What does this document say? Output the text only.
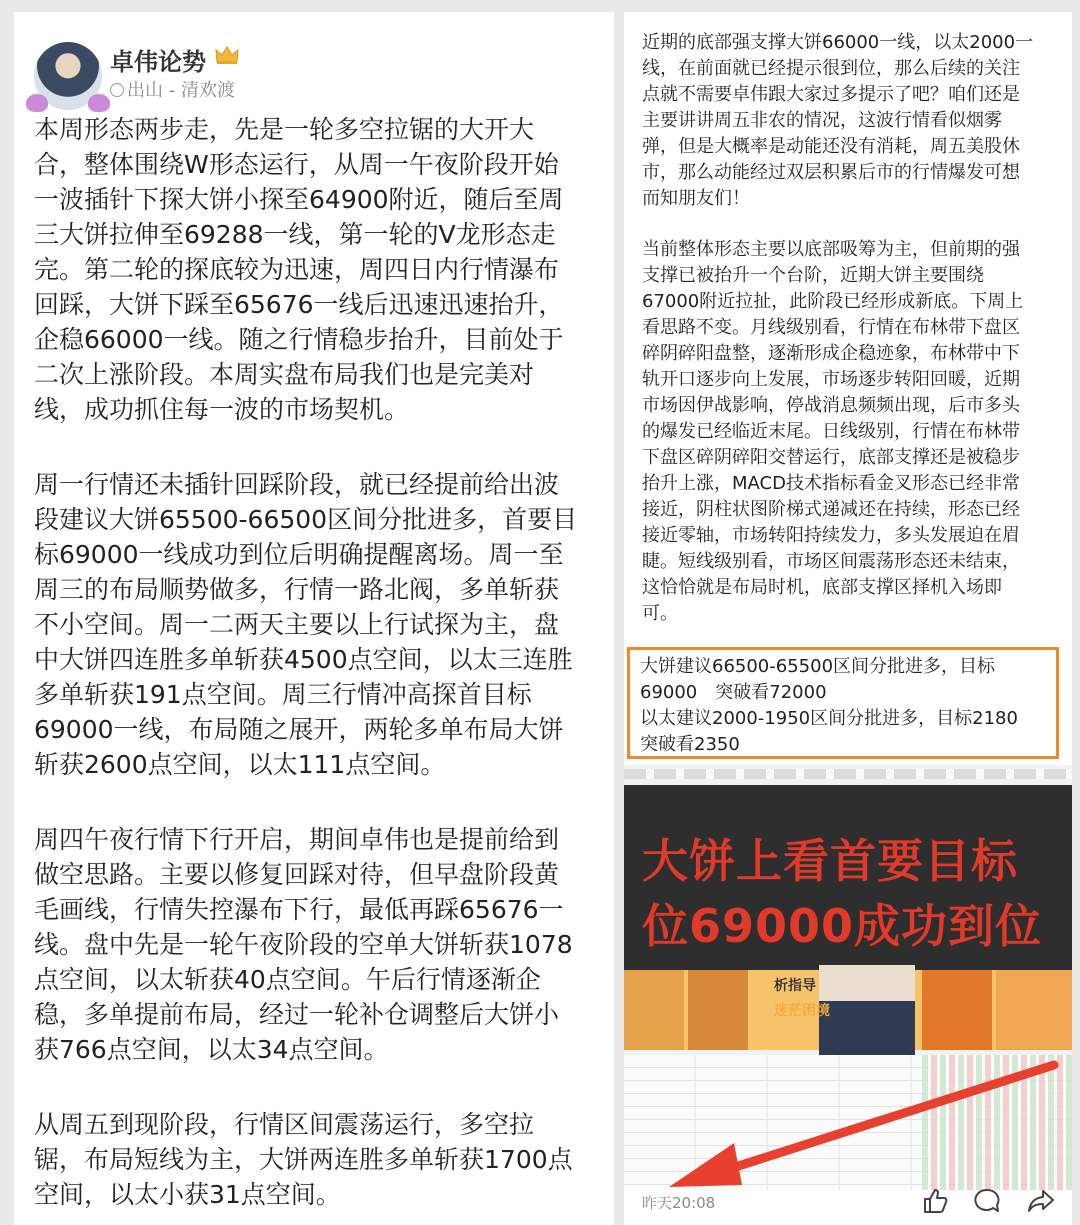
卓伟论势
出山 - 清欢渡
本周形态两步走，先是一轮多空拉锯的大开大
合，整体围绕W形态运行，从周一午夜阶段开始
一波插针下探大饼小探至64900附近，随后至周
三大饼拉伸至69288一线，第一轮的V龙形态走
完。第二轮的探底较为迅速，周四日内行情瀑布
回踩，大饼下踩至65676一线后迅速迅速抬升，
企稳66000一线。随之行情稳步抬升，目前处于
二次上涨阶段。本周实盘布局我们也是完美对
线，成功抓住每一波的市场契机。
周一行情还未插针回踩阶段，就已经提前给出波
段建议大饼65500-66500区间分批进多，首要目
标69000一线成功到位后明确提醒离场。周一至
周三的布局顺势做多，行情一路北阀，多单斩获
不小空间。周一二两天主要以上行试探为主，盘
中大饼四连胜多单斩获4500点空间，以太三连胜
多单斩获191点空间。周三行情冲高探首目标
69000一线，布局随之展开，两轮多单布局大饼
斩获2600点空间，以太111点空间。
周四午夜行情下行开启，期间卓伟也是提前给到
做空思路。主要以修复回踩对待，但早盘阶段黄
毛画线，行情失控瀑布下行，最低再踩65676一
线。盘中先是一轮午夜阶段的空单大饼斩获1078
点空间，以太斩获40点空间。午后行情逐渐企
稳，多单提前布局，经过一轮补仓调整后大饼小
获766点空间，以太34点空间。
从周五到现阶段，行情区间震荡运行，多空拉
锯，布局短线为主，大饼两连胜多单斩获1700点
空间，以太小获31点空间。
近期的底部强支撑大饼66000一线，以太2000一
线，在前面就已经提示很到位，那么后续的关注
点就不需要卓伟跟大家过多提示了吧？咱们还是
主要讲讲周五非农的情况，这波行情看似烟雾
弹，但是大概率是动能还没有消耗，周五美股休
市，那么动能经过双层积累后市的行情爆发可想
而知朋友们！
当前整体形态主要以底部吸筹为主，但前期的强
支撑已被抬升一个台阶，近期大饼主要围绕
67000附近拉扯，此阶段已经形成新底。下周上
看思路不变。月线级别看，行情在布林带下盘区
碎阴碎阳盘整，逐渐形成企稳迹象，布林带中下
轨开口逐步向上发展，市场逐步转阳回暖，近期
市场因伊战影响，停战消息频频出现，后市多头
的爆发已经临近末尾。日线级别，行情在布林带
下盘区碎阴碎阳交替运行，底部支撑还是被稳步
抬升上涨，MACD技术指标看金叉形态已经非常
接近，阴柱状图阶梯式递减还在持续，形态已经
接近零轴，市场转阳持续发力，多头发展迫在眉
睫。短线级别看，市场区间震荡形态还未结束，
这恰恰就是布局时机，底部支撑区择机入场即
可。
大饼建议66500-65500区间分批进多，目标
69000　突破看72000
以太建议2000-1950区间分批进多，目标2180
突破看2350
大饼上看首要目标
位69000成功到位
析指导
迷茫困境
昨天20:08
